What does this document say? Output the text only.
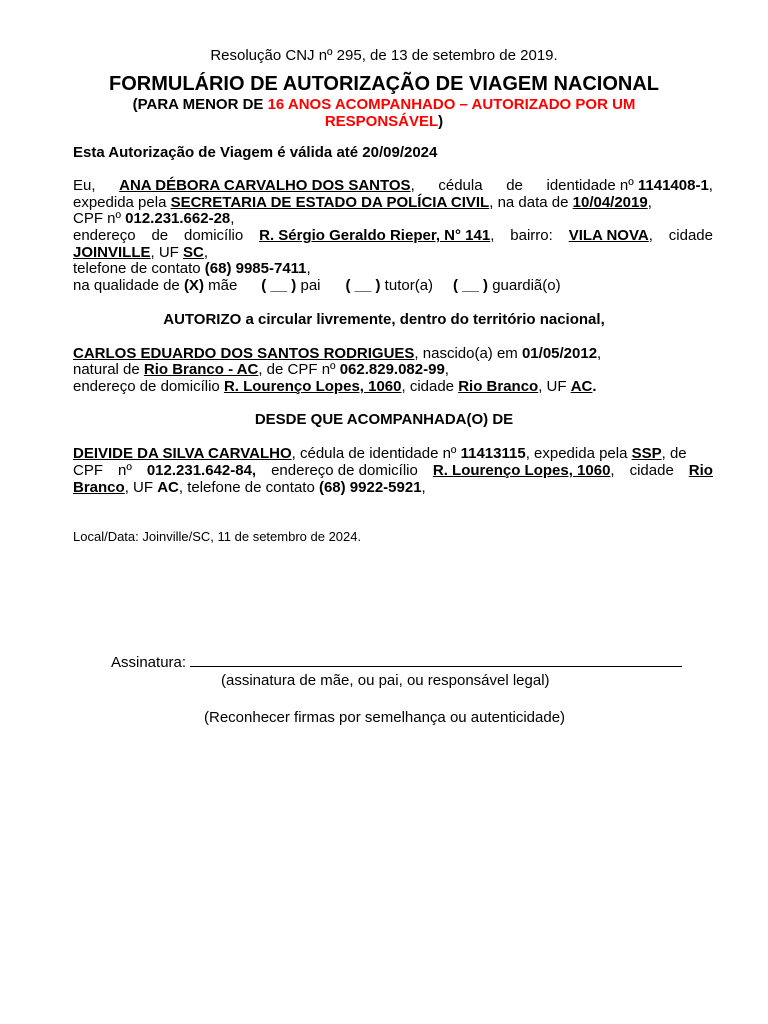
Resolução CNJ nº 295, de 13 de setembro de 2019.
FORMULÁRIO DE AUTORIZAÇÃO DE VIAGEM NACIONAL
(PARA MENOR DE 16 ANOS ACOMPANHADO – AUTORIZADO POR UM
RESPONSÁVEL)
Esta Autorização de Viagem é válida até 20/09/2024
Eu, ANA DÉBORA CARVALHO DOS SANTOS, cédula de identidade nº 1141408-1,
expedida pela SECRETARIA DE ESTADO DA POLÍCIA CIVIL, na data de 10/04/2019,
CPF nº 012.231.662-28,
endereço de domicílio R. Sérgio Geraldo Rieper, N° 141, bairro: VILA NOVA, cidade
JOINVILLE, UF SC,
telefone de contato (68) 9985-7411,
na qualidade de (X) mãe ( __ ) pai ( __ ) tutor(a) ( __ ) guardiã(o)
AUTORIZO a circular livremente, dentro do território nacional,
CARLOS EDUARDO DOS SANTOS RODRIGUES, nascido(a) em 01/05/2012,
natural de Rio Branco - AC, de CPF nº 062.829.082-99,
endereço de domicílio R. Lourenço Lopes, 1060, cidade Rio Branco, UF AC.
DESDE QUE ACOMPANHADA(O) DE
DEIVIDE DA SILVA CARVALHO, cédula de identidade nº 11413115, expedida pela SSP, de
CPF nº 012.231.642-84, endereço de domicílio R. Lourenço Lopes, 1060, cidade Rio
Branco, UF AC, telefone de contato (68) 9922-5921,
Local/Data: Joinville/SC, 11 de setembro de 2024.
Assinatura:
(assinatura de mãe, ou pai, ou responsável legal)
(Reconhecer firmas por semelhança ou autenticidade)
